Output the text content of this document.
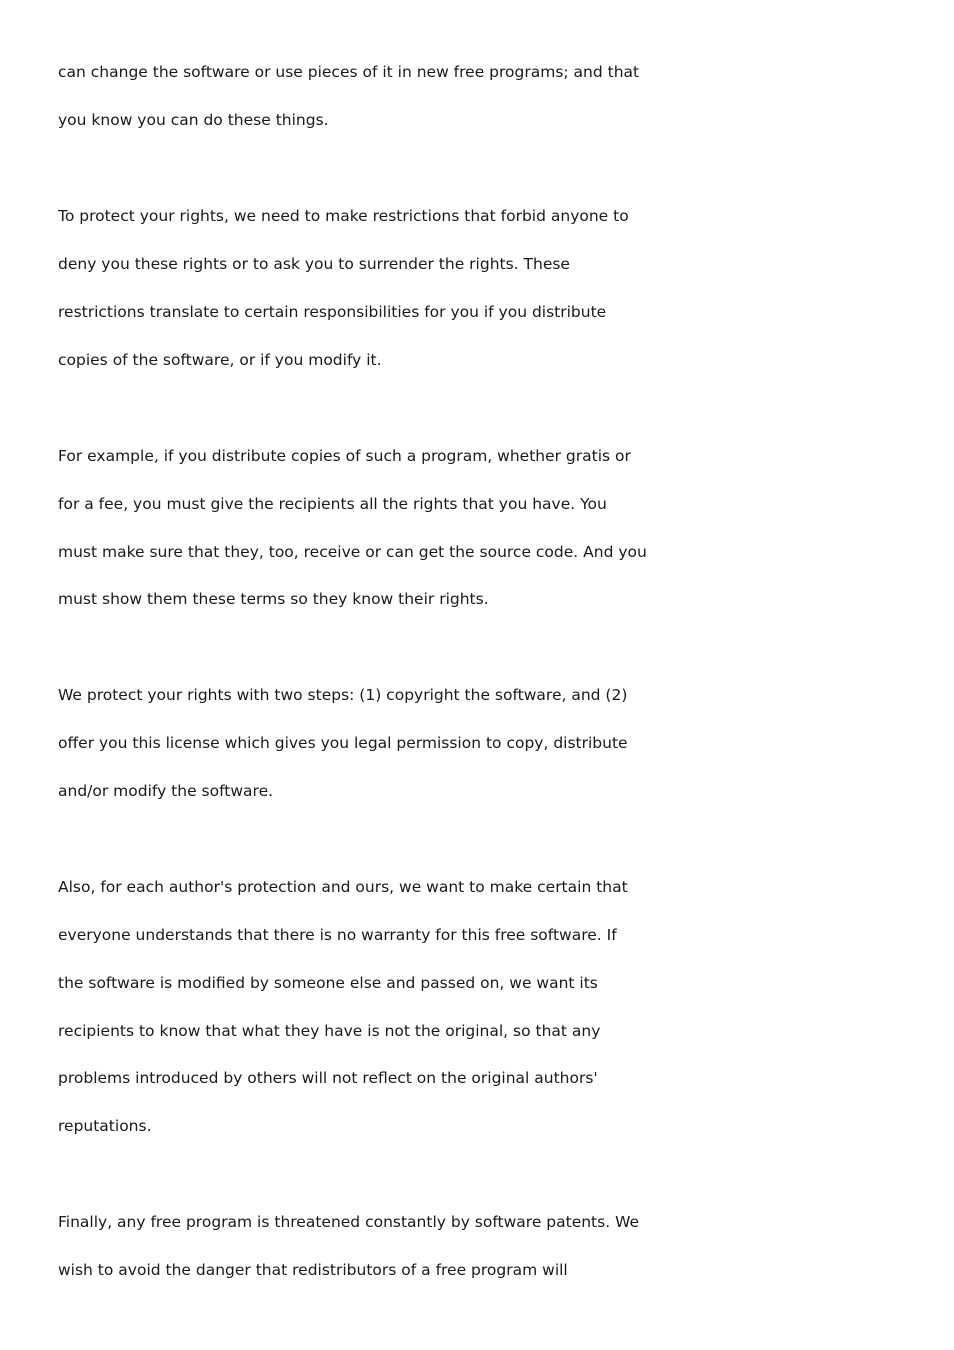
can change the software or use pieces of it in new free programs; and that
you know you can do these things.
To protect your rights, we need to make restrictions that forbid anyone to
deny you these rights or to ask you to surrender the rights. These
restrictions translate to certain responsibilities for you if you distribute
copies of the software, or if you modify it.
For example, if you distribute copies of such a program, whether gratis or
for a fee, you must give the recipients all the rights that you have. You
must make sure that they, too, receive or can get the source code. And you
must show them these terms so they know their rights.
We protect your rights with two steps: (1) copyright the software, and (2)
offer you this license which gives you legal permission to copy, distribute
and/or modify the software.
Also, for each author's protection and ours, we want to make certain that
everyone understands that there is no warranty for this free software. If
the software is modified by someone else and passed on, we want its
recipients to know that what they have is not the original, so that any
problems introduced by others will not reflect on the original authors'
reputations.
Finally, any free program is threatened constantly by software patents. We
wish to avoid the danger that redistributors of a free program will
